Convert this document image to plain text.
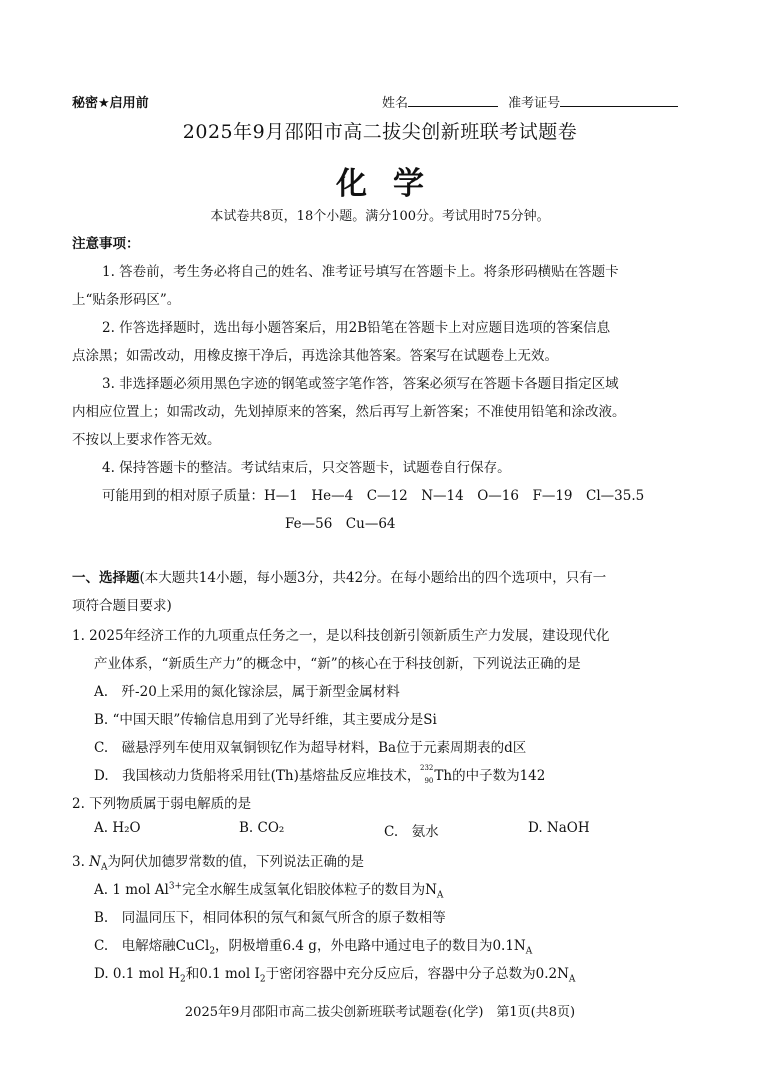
秘密★启用前	姓名	准考证号
2025年9月邵阳市高二拔尖创新班联考试题卷
化学
本试卷共8页，18个小题。满分100分。考试用时75分钟。
注意事项：
1. 答卷前，考生务必将自己的姓名、准考证号填写在答题卡上。将条形码横贴在答题卡
上“贴条形码区”。
2. 作答选择题时，选出每小题答案后，用2B铅笔在答题卡上对应题目选项的答案信息
点涂黑；如需改动，用橡皮擦干净后，再选涂其他答案。答案写在试题卷上无效。
3. 非选择题必须用黑色字迹的钢笔或签字笔作答，答案必须写在答题卡各题目指定区域
内相应位置上；如需改动，先划掉原来的答案，然后再写上新答案；不准使用铅笔和涂改液。
不按以上要求作答无效。
4. 保持答题卡的整洁。考试结束后，只交答题卡，试题卷自行保存。
可能用到的相对原子质量：H—1　He—4　C—12　N—14　O—16　F—19　Cl—35.5
Fe—56　Cu—64
一、选择题(本大题共14小题，每小题3分，共42分。在每小题给出的四个选项中，只有一
项符合题目要求)
1. 2025年经济工作的九项重点任务之一，是以科技创新引领新质生产力发展，建设现代化
产业体系，“新质生产力”的概念中，“新”的核心在于科技创新，下列说法正确的是
A.　歼-20上采用的氮化镓涂层，属于新型金属材料
B. “中国天眼”传输信息用到了光导纤维，其主要成分是Si
C.　磁悬浮列车使用双氧铜钡钇作为超导材料，Ba位于元素周期表的d区
D.　我国核动力货船将采用钍(Th)基熔盐反应堆技术， 232
90 Th的中子数为142
2. 下列物质属于弱电解质的是
A. H₂O	B. CO₂	C.　氨水	D. NaOH
3. $N_A$为阿伏加德罗常数的值，下列说法正确的是
A. 1 mol $Al^{3+}$完全水解生成氢氧化铝胶体粒子的数目为$N_A$
B.　同温同压下，相同体积的氖气和氮气所含的原子数相等
C.　电解熔融CuCl$_2$，阴极增重6.4 g，外电路中通过电子的数目为$0.1N_A$
D. 0.1 mol $H_2$和0.1 mol $I_2$于密闭容器中充分反应后，容器中分子总数为$0.2N_A$
2025年9月邵阳市高二拔尖创新班联考试题卷(化学)　第1页(共8页)
